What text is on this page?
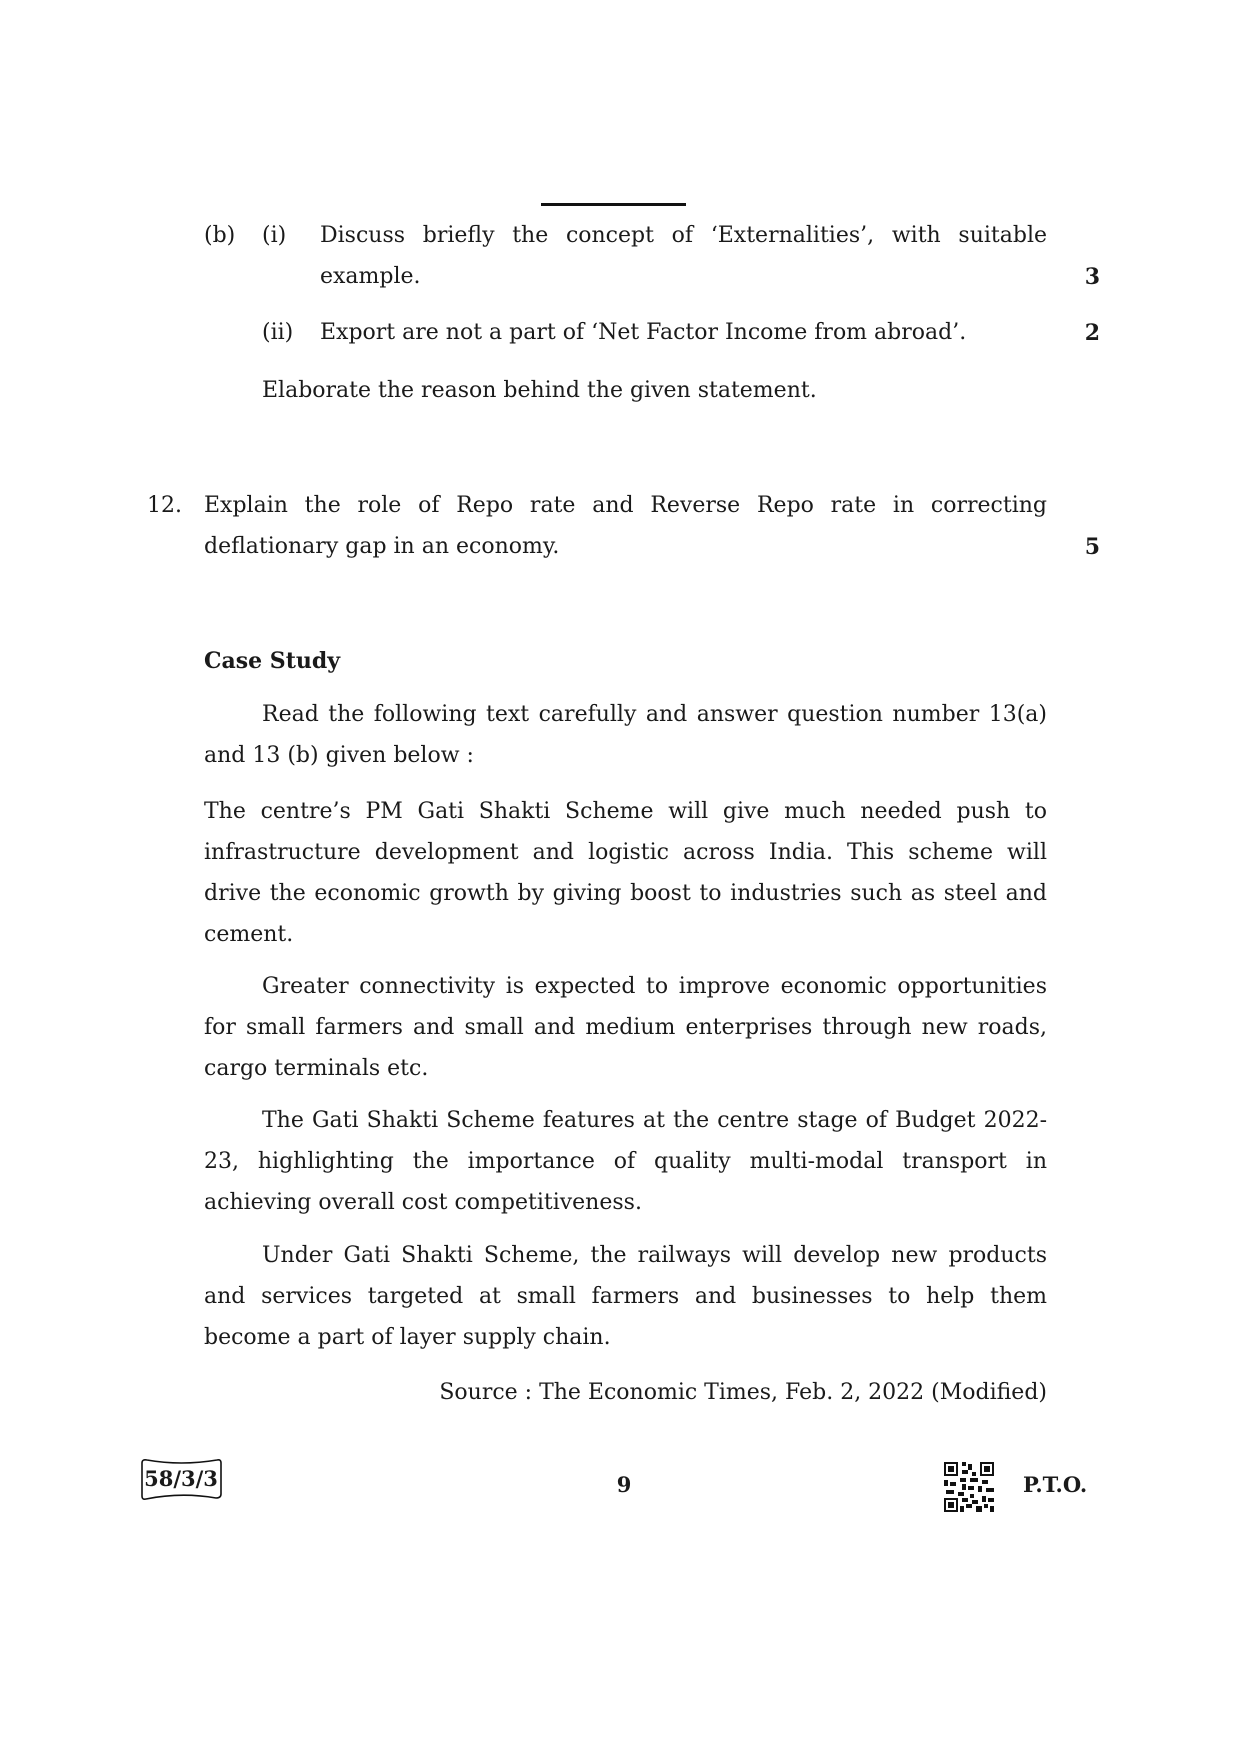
(b) (i) Discuss briefly the concept of ‘Externalities’, with suitable
example.	3
(ii) Export are not a part of ‘Net Factor Income from abroad’.	2
Elaborate the reason behind the given statement.
12. Explain the role of Repo rate and Reverse Repo rate in correcting
deflationary gap in an economy.	5
Case Study
Read the following text carefully and answer question number 13(a)
and 13 (b) given below :
The centre’s PM Gati Shakti Scheme will give much needed push to
infrastructure development and logistic across India. This scheme will
drive the economic growth by giving boost to industries such as steel and
cement.
Greater connectivity is expected to improve economic opportunities
for small farmers and small and medium enterprises through new roads,
cargo terminals etc.
The Gati Shakti Scheme features at the centre stage of Budget 2022-
23, highlighting the importance of quality multi-modal transport in
achieving overall cost competitiveness.
Under Gati Shakti Scheme, the railways will develop new products
and services targeted at small farmers and businesses to help them
become a part of layer supply chain.
Source : The Economic Times, Feb. 2, 2022 (Modified)
58/3/3	9	P.T.O.
